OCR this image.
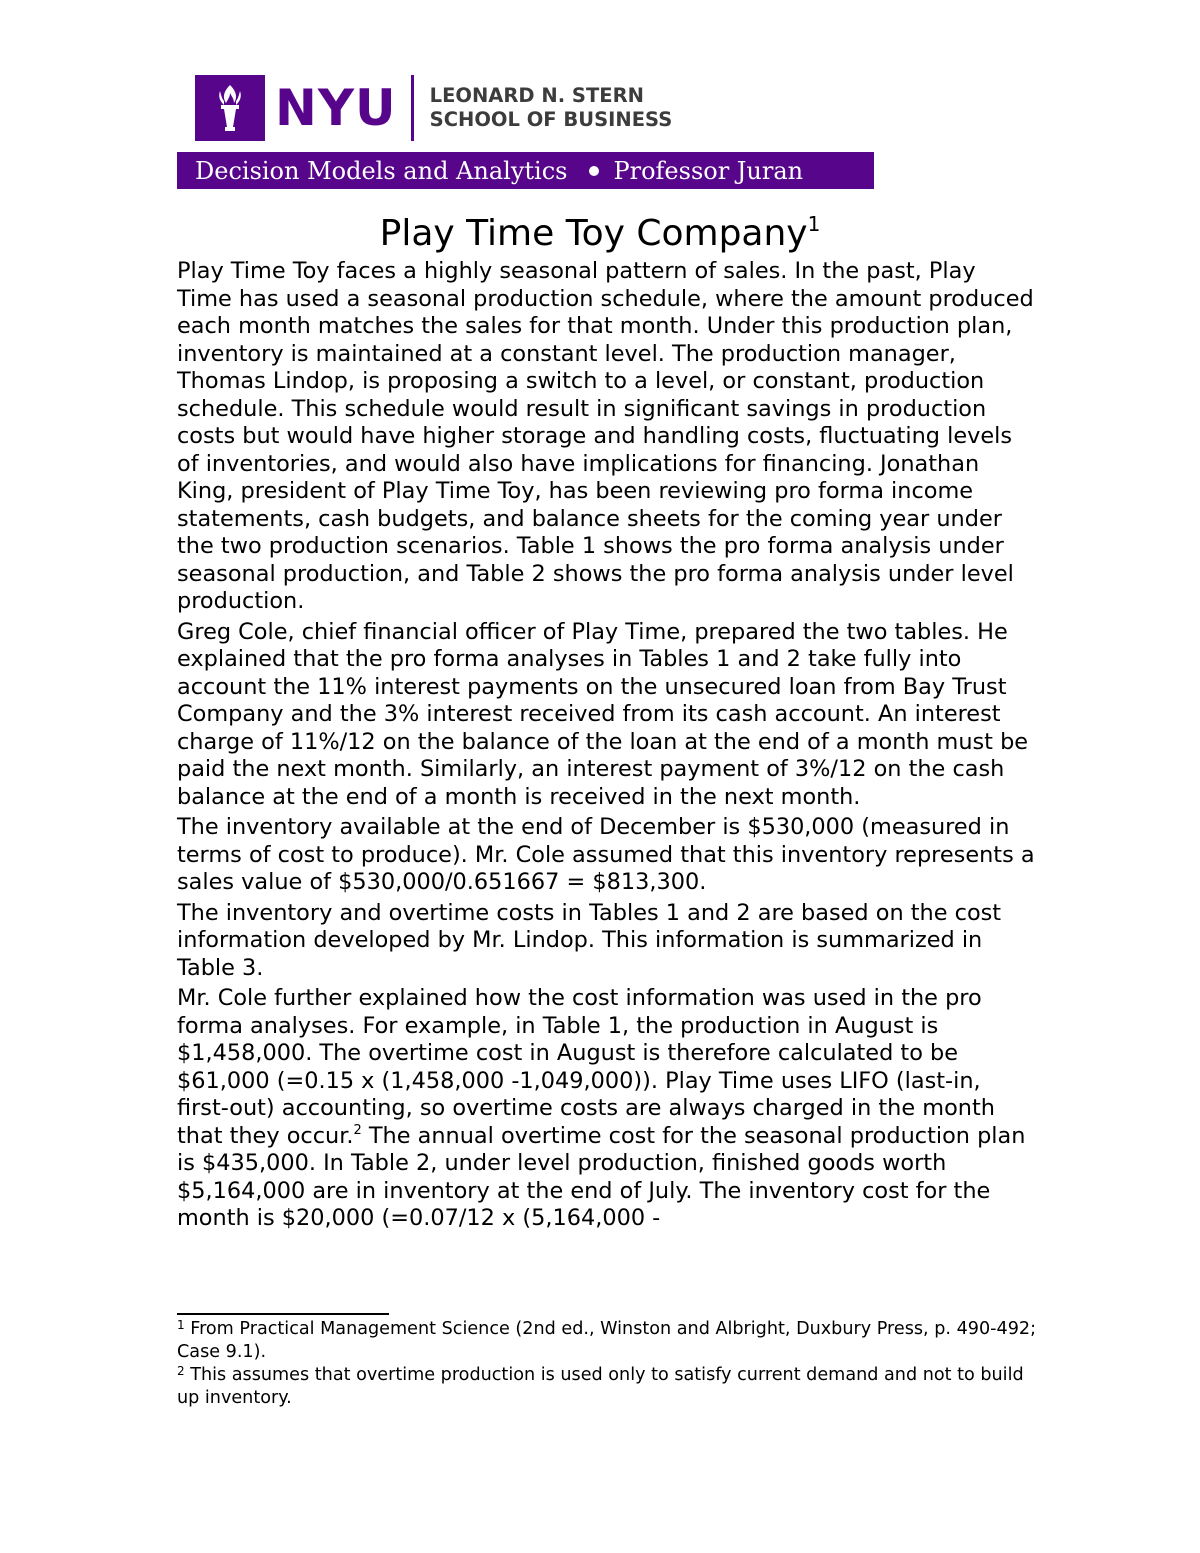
NYU LEONARD N. STERN
SCHOOL OF BUSINESS
Decision Models and Analytics Professor Juran
Play Time Toy Company$^1$

Play Time Toy faces a highly seasonal pattern of sales. In the past, Play Time has used a seasonal production schedule, where the amount produced each month matches the sales for that month. Under this production plan, inventory is maintained at a constant level. The production manager, Thomas Lindop, is proposing a switch to a level, or constant, production schedule. This schedule would result in significant savings in production costs but would have higher storage and handling costs, fluctuating levels of inventories, and would also have implications for financing. Jonathan King, president of Play Time Toy, has been reviewing pro forma income statements, cash budgets, and balance sheets for the coming year under the two production scenarios. Table 1 shows the pro forma analysis under seasonal production, and Table 2 shows the pro forma analysis under level production.

Greg Cole, chief financial officer of Play Time, prepared the two tables. He explained that the pro forma analyses in Tables 1 and 2 take fully into account the 11% interest payments on the unsecured loan from Bay Trust Company and the 3% interest received from its cash account. An interest charge of 11%/12 on the balance of the loan at the end of a month must be paid the next month. Similarly, an interest payment of 3%/12 on the cash balance at the end of a month is received in the next month.

The inventory available at the end of December is $530,000 (measured in terms of cost to produce). Mr. Cole assumed that this inventory represents a sales value of $530,000/0.651667 = $813,300.

The inventory and overtime costs in Tables 1 and 2 are based on the cost information developed by Mr. Lindop. This information is summarized in Table 3.

Mr. Cole further explained how the cost information was used in the pro forma analyses. For example, in Table 1, the production in August is $1,458,000. The overtime cost in August is therefore calculated to be $61,000 (=0.15 x (1,458,000 -1,049,000)). Play Time uses LIFO (last-in, first-out) accounting, so overtime costs are always charged in the month that they occur.$^2$ The annual overtime cost for the seasonal production plan is $435,000. In Table 2, under level production, finished goods worth $5,164,000 are in inventory at the end of July. The inventory cost for the month is $20,000 (=0.07/12 x (5,164,000 -

$^1$ From Practical Management Science (2nd ed., Winston and Albright, Duxbury Press, p. 490-492; Case 9.1).

$^2$ This assumes that overtime production is used only to satisfy current demand and not to build up inventory.
